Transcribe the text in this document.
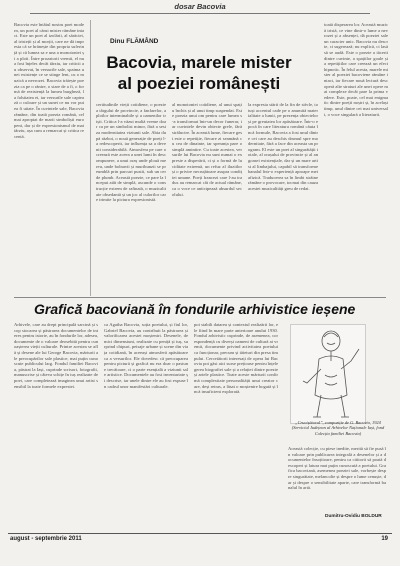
dosar Bacovia
Dinu FLĂMÂND
Bacovia, marele mister
al poeziei românești
Bacovia este întâiul nostru poet modern, un poet al cărui mister rămâne intact. Este un poet al izolării, al sărăciei, al tristeții și al morții, care ne dă impresia că se hrănește din propria suferință și că lumea sa e una a monotoniei și a ploii. Între prozatorii vremii, el nu a fost înțeles decât târziu, iar criticii au observat, în versurile sale, spaima unei existențe ce se stinge lent, cu o muzică a nevrozei. Bacovia trăiește poezia ca pe o rănire, o stare de a fi, o formă de rezistență la lumea burgheză, la falsitatea ei, iar versurile sale captează o culoare și un sunet ce nu vor putea fi uitate. În cuvintele sale, Bacovia rămâne, din toată poezia română, cel mai apropiat de marii simboliști europeni, dar și de expresionismul de mai târziu, așa cum a remarcat și critica recentă.
certitudinile vieții cotidiene, o poezie a târgului de provincie, a fanfarelor, a ploilor interminabile și a oamenilor triști. Critica l-a văzut multă vreme doar ca pe un simbolist minor, fără a sesiza modernitatea viziunii sale. Abia după război, o nouă generație de poeți l-a redescoperit, iar influența sa a devenit considerabilă. Atmosfera pe care o creează este aceea a unei lumi în descompunere, a unui oraș unde plouă mereu, unde bolnavii și muribunzii se preumblă prin parcuri pustii, sub un cer de plumb. Această poezie, ce pare la început atât de simplă, ascunde o construcție extrem de rafinată, o muzicalitate obsedantă și un joc al culorilor care trimite la pictura expresionistă.
al monotoniei cotidiene, al unui spațiu închis și al unui timp suspendat. Este poezia unui om pentru care lumea s-a transformat într-un decor funerar, iar cuvintele devin obiecte grele, fără strălucire. În această lume, fiecare gest este o repetiție, fiecare zi seamănă cu cea de dinainte, iar speranța pare o simplă amintire. Cu toate acestea, versurile lui Bacovia nu sunt numai o expresie a disperării, ci și o formă de luciditate extremă, un refuz al iluziilor și o privire necruțătoare asupra condiției umane. Poeți francezi care l-au tradus au remarcat cât de actual rămâne, ca o voce ce anticipează absurdul secolului.
la expresia stării de la fin de siècle, totuși accentul cade pe o anumită materialitate a lumii, pe prezența obiectelor și pe greutatea lor apăsătoare. Într-o epocă în care literatura română căuta încă formule, Bacovia a fost unul dintre cei care au deschis drumul spre modernitate, fără a face din aceasta un program. El este un poet al singurătății totale, al orașului de provincie și al angoasei existențiale, dar și un mare artist al limbajului, capabil să transforme banalul într-o experiență aproape metafizică. Traducerea sa în limbi străine rămâne o provocare, tocmai din cauza acestei muzicalități greu de redat.
toată disperarea lor. Această muzică tristă, ce vine dintr-o lume a nevrozei și a absenței, dă poeziei sale un caracter unic. Bacovia nu descrie, ci sugerează; nu explică, ci lasă să se audă. Este o poezie a tăcerii dintre cuvinte, a spațiilor goale și a repetițiilor care creează un efect hipnotic. În felul acesta, marele mister al poeziei bacoviene rămâne intact, iar fiecare nouă lectură descoperă alte straturi ale unei opere mai complexe decât pare la prima vedere. Este, poate, cel mai enigmatic dintre poeții noștri și, în același timp, unul dintre cei mai universali, o voce singulară a literaturii.
Grafică bacoviană în fondurile arhivistice ieșene
Arhivele, care au drept principală sarcină și scop stocarea și păstrarea documentelor de interes pentru istorie, au în fondurile lor, adesea, documente de o valoare deosebită pentru cunoașterea vieții culturale. Printre acestea se află și desene ale lui George Bacovia, mărturii ale preocupărilor sale plastice, mai puțin cunoscute publicului larg. Fondul familiei Bacovia, păstrat la Iași, cuprinde scrisori, fotografii, manuscrise și câteva schițe în tuș realizate de poet, care completează imaginea unui artist sensibil la toate formele expresiei.
ca Agatha Bacovia, soția poetului, și fiul lor, Gabriel Bacovia, au contribuit la păstrarea și valorificarea acestei moșteniri. Desenele, de mici dimensiuni, realizate cu peniță și tuș, surprind chipuri, peisaje urbane și scene din viața cotidiană, în aceeași atmosferă apăsătoare ca a versurilor. Ele dovedesc că preocuparea pentru pictură și grafică nu era doar o pasiune trecătoare, ci o parte esențială a viziunii sale artistice. Documentele au fost inventariate și descrise, iar unele dintre ele au fost expuse în cadrul unor manifestări culturale.
pot stabili datarea și contextul realizării lor, ele fiind în mare parte anterioare anului 1930. Fondul arhivistic cuprinde, de asemenea, corespondență cu diverși oameni de cultură ai vremii, documente privind activitatea poetului ca funcționar, precum și tăieturi din presa timpului. Cercetătorii interesați de opera lui Bacovia pot găsi aici surse prețioase pentru înțelegerea biografiei sale și a relației dintre poezie și artele plastice. Toate aceste mărturii confirmă complexitate personalității unui creator care, deși retras, a lăsat o moștenire bogată și încă insuficient explorată.
Această colecție, cu piese inedite, merită să fie pusă în valoare prin publicarea integrală a desenelor și a documentelor însoțitoare, pentru ca cititorii să poată descoperi și latura mai puțin cunoscută a poetului. Grafica bacoviană, asemenea poeziei sale, vorbește despre singurătate, melancolie și despre o lume cenușie, dar și despre o sensibilitate aparte, care transformă banalul în artă.
„Crucișătorul”, compoziție de G. Bacovia, 1924 (Serviciul Județean al Arhivelor Naționale Iași, fond Colecția familiei Bacovia)
Dumitru-Ovidiu BOLDUR
august - septembrie 2011	19
